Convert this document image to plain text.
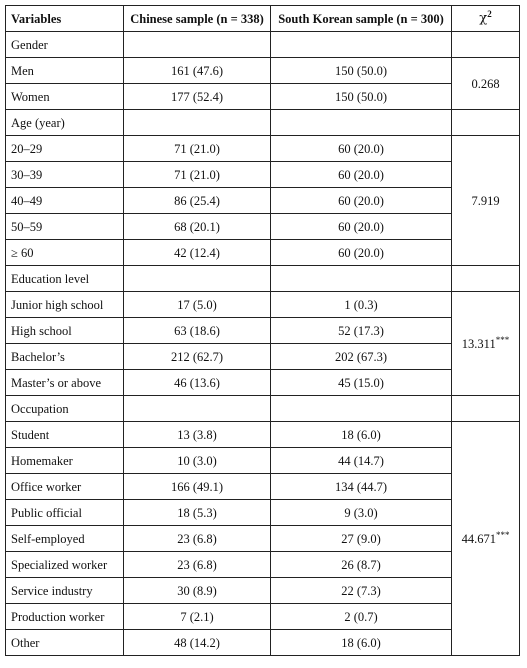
Variables	Chinese sample (n = 338)	South Korean sample (n = 300)	$\chi^2$
Gender			
Men	161 (47.6)	150 (50.0)	0.268
Women	177 (52.4)	150 (50.0)	
Age (year)			
20–29	71 (21.0)	60 (20.0)	7.919
30–39	71 (21.0)	60 (20.0)	
40–49	86 (25.4)	60 (20.0)	
50–59	68 (20.1)	60 (20.0)	
≥ 60	42 (12.4)	60 (20.0)	
Education level			
Junior high school	17 (5.0)	1 (0.3)	13.311***
High school	63 (18.6)	52 (17.3)	
Bachelor’s	212 (62.7)	202 (67.3)	
Master’s or above	46 (13.6)	45 (15.0)	
Occupation			
Student	13 (3.8)	18 (6.0)	44.671***
Homemaker	10 (3.0)	44 (14.7)	
Office worker	166 (49.1)	134 (44.7)	
Public official	18 (5.3)	9 (3.0)	
Self-employed	23 (6.8)	27 (9.0)	
Specialized worker	23 (6.8)	26 (8.7)	
Service industry	30 (8.9)	22 (7.3)	
Production worker	7 (2.1)	2 (0.7)	
Other	48 (14.2)	18 (6.0)	
